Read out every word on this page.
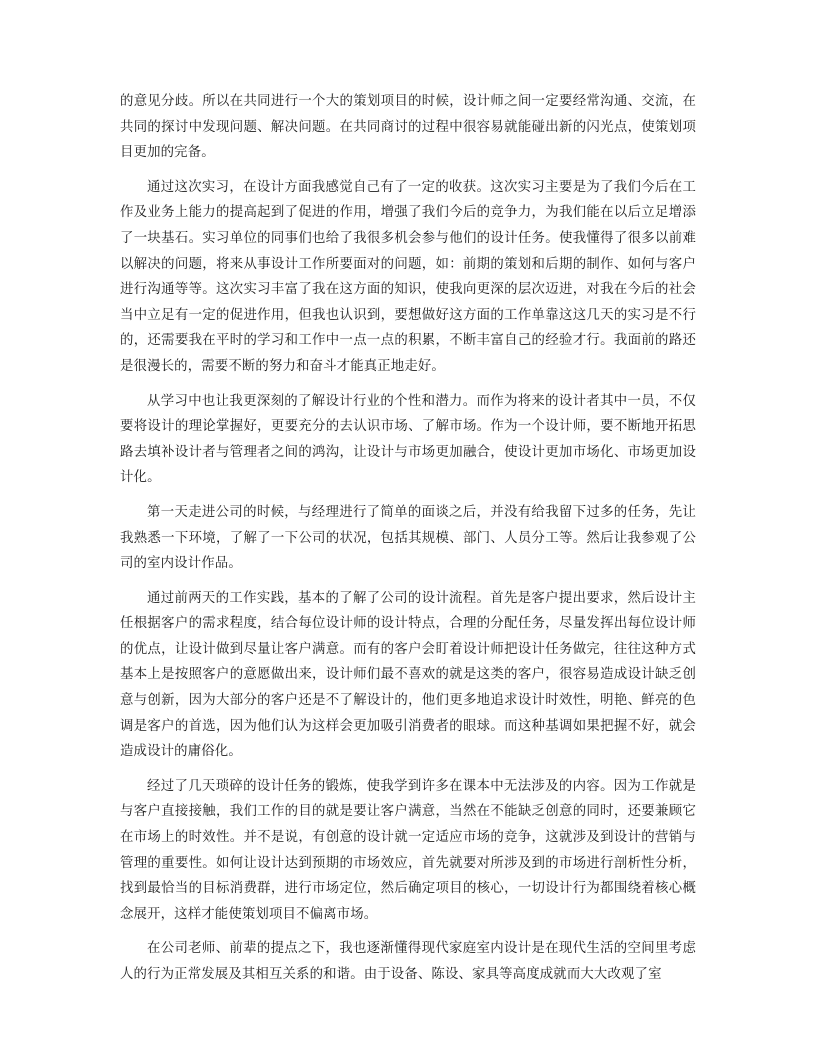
的意见分歧。所以在共同进行一个大的策划项目的时候，设计师之间一定要经常沟通、交流，在共同的探讨中发现问题、解决问题。在共同商讨的过程中很容易就能碰出新的闪光点，使策划项目更加的完备。

通过这次实习，在设计方面我感觉自己有了一定的收获。这次实习主要是为了我们今后在工作及业务上能力的提高起到了促进的作用，增强了我们今后的竞争力，为我们能在以后立足增添了一块基石。实习单位的同事们也给了我很多机会参与他们的设计任务。使我懂得了很多以前难以解决的问题，将来从事设计工作所要面对的问题，如：前期的策划和后期的制作、如何与客户进行沟通等等。这次实习丰富了我在这方面的知识，使我向更深的层次迈进，对我在今后的社会当中立足有一定的促进作用，但我也认识到，要想做好这方面的工作单靠这这几天的实习是不行的，还需要我在平时的学习和工作中一点一点的积累，不断丰富自己的经验才行。我面前的路还是很漫长的，需要不断的努力和奋斗才能真正地走好。

从学习中也让我更深刻的了解设计行业的个性和潜力。而作为将来的设计者其中一员，不仅要将设计的理论掌握好，更要充分的去认识市场、了解市场。作为一个设计师，要不断地开拓思路去填补设计者与管理者之间的鸿沟，让设计与市场更加融合，使设计更加市场化、市场更加设计化。

第一天走进公司的时候，与经理进行了简单的面谈之后，并没有给我留下过多的任务，先让我熟悉一下环境，了解了一下公司的状况，包括其规模、部门、人员分工等。然后让我参观了公司的室内设计作品。

通过前两天的工作实践，基本的了解了公司的设计流程。首先是客户提出要求，然后设计主任根据客户的需求程度，结合每位设计师的设计特点，合理的分配任务，尽量发挥出每位设计师的优点，让设计做到尽量让客户满意。而有的客户会盯着设计师把设计任务做完，往往这种方式基本上是按照客户的意愿做出来，设计师们最不喜欢的就是这类的客户，很容易造成设计缺乏创意与创新，因为大部分的客户还是不了解设计的，他们更多地追求设计时效性，明艳、鲜亮的色调是客户的首选，因为他们认为这样会更加吸引消费者的眼球。而这种基调如果把握不好，就会造成设计的庸俗化。

经过了几天琐碎的设计任务的锻炼，使我学到许多在课本中无法涉及的内容。因为工作就是与客户直接接触，我们工作的目的就是要让客户满意，当然在不能缺乏创意的同时，还要兼顾它在市场上的时效性。并不是说，有创意的设计就一定适应市场的竞争，这就涉及到设计的营销与管理的重要性。如何让设计达到预期的市场效应，首先就要对所涉及到的市场进行剖析性分析，找到最恰当的目标消费群，进行市场定位，然后确定项目的核心，一切设计行为都围绕着核心概念展开，这样才能使策划项目不偏离市场。

在公司老师、前辈的提点之下，我也逐渐懂得现代家庭室内设计是在现代生活的空间里考虑人的行为正常发展及其相互关系的和谐。由于设备、陈设、家具等高度成就而大大改观了室
